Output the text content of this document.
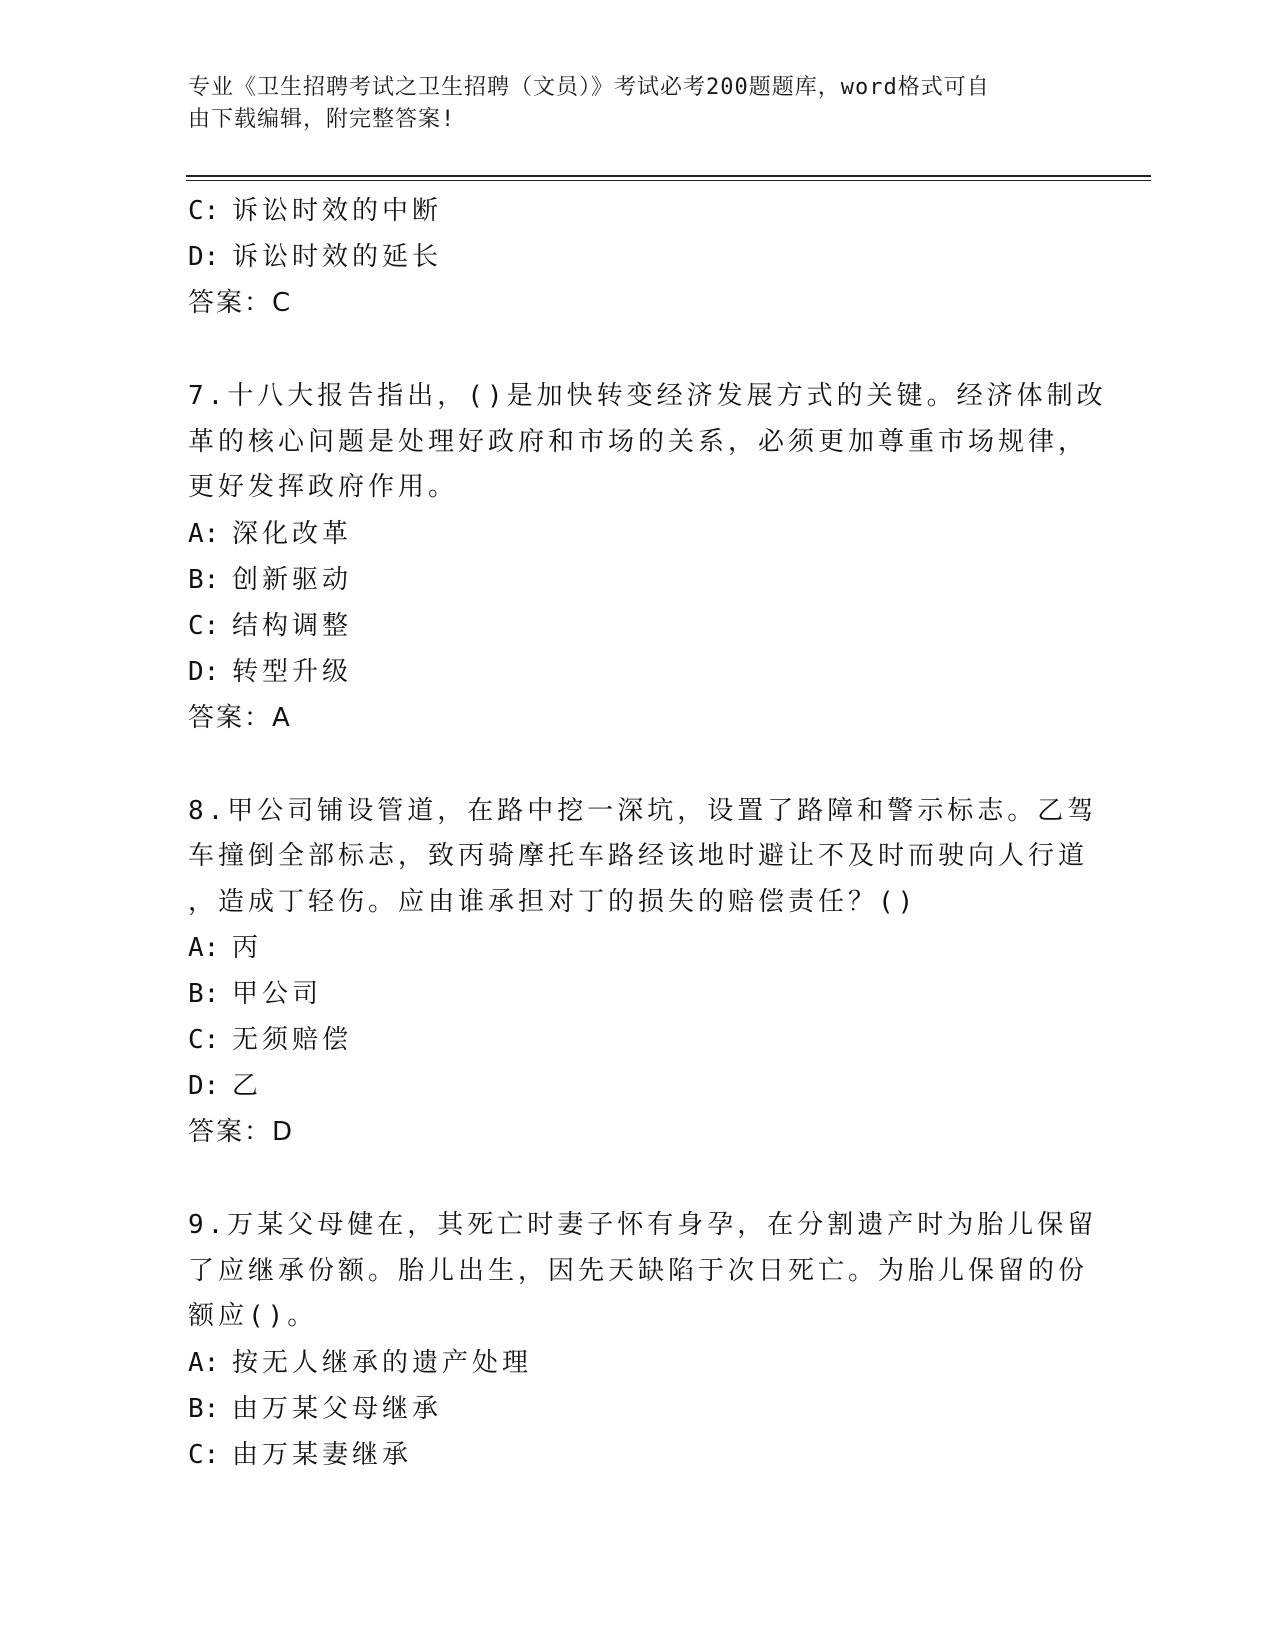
专业《卫生招聘考试之卫生招聘（文员）》考试必考200题题库，word格式可自
由下载编辑，附完整答案!
C: 诉讼时效的中断
D: 诉讼时效的延长
答案：C
7.十八大报告指出，()是加快转变经济发展方式的关键。经济体制改
革的核心问题是处理好政府和市场的关系，必须更加尊重市场规律，
更好发挥政府作用。
A: 深化改革
B: 创新驱动
C: 结构调整
D: 转型升级
答案：A
8.甲公司铺设管道，在路中挖一深坑，设置了路障和警示标志。乙驾
车撞倒全部标志，致丙骑摩托车路经该地时避让不及时而驶向人行道
，造成丁轻伤。应由谁承担对丁的损失的赔偿责任？()
A: 丙
B: 甲公司
C: 无须赔偿
D: 乙
答案：D
9.万某父母健在，其死亡时妻子怀有身孕，在分割遗产时为胎儿保留
了应继承份额。胎儿出生，因先天缺陷于次日死亡。为胎儿保留的份
额应()。
A: 按无人继承的遗产处理
B: 由万某父母继承
C: 由万某妻继承
